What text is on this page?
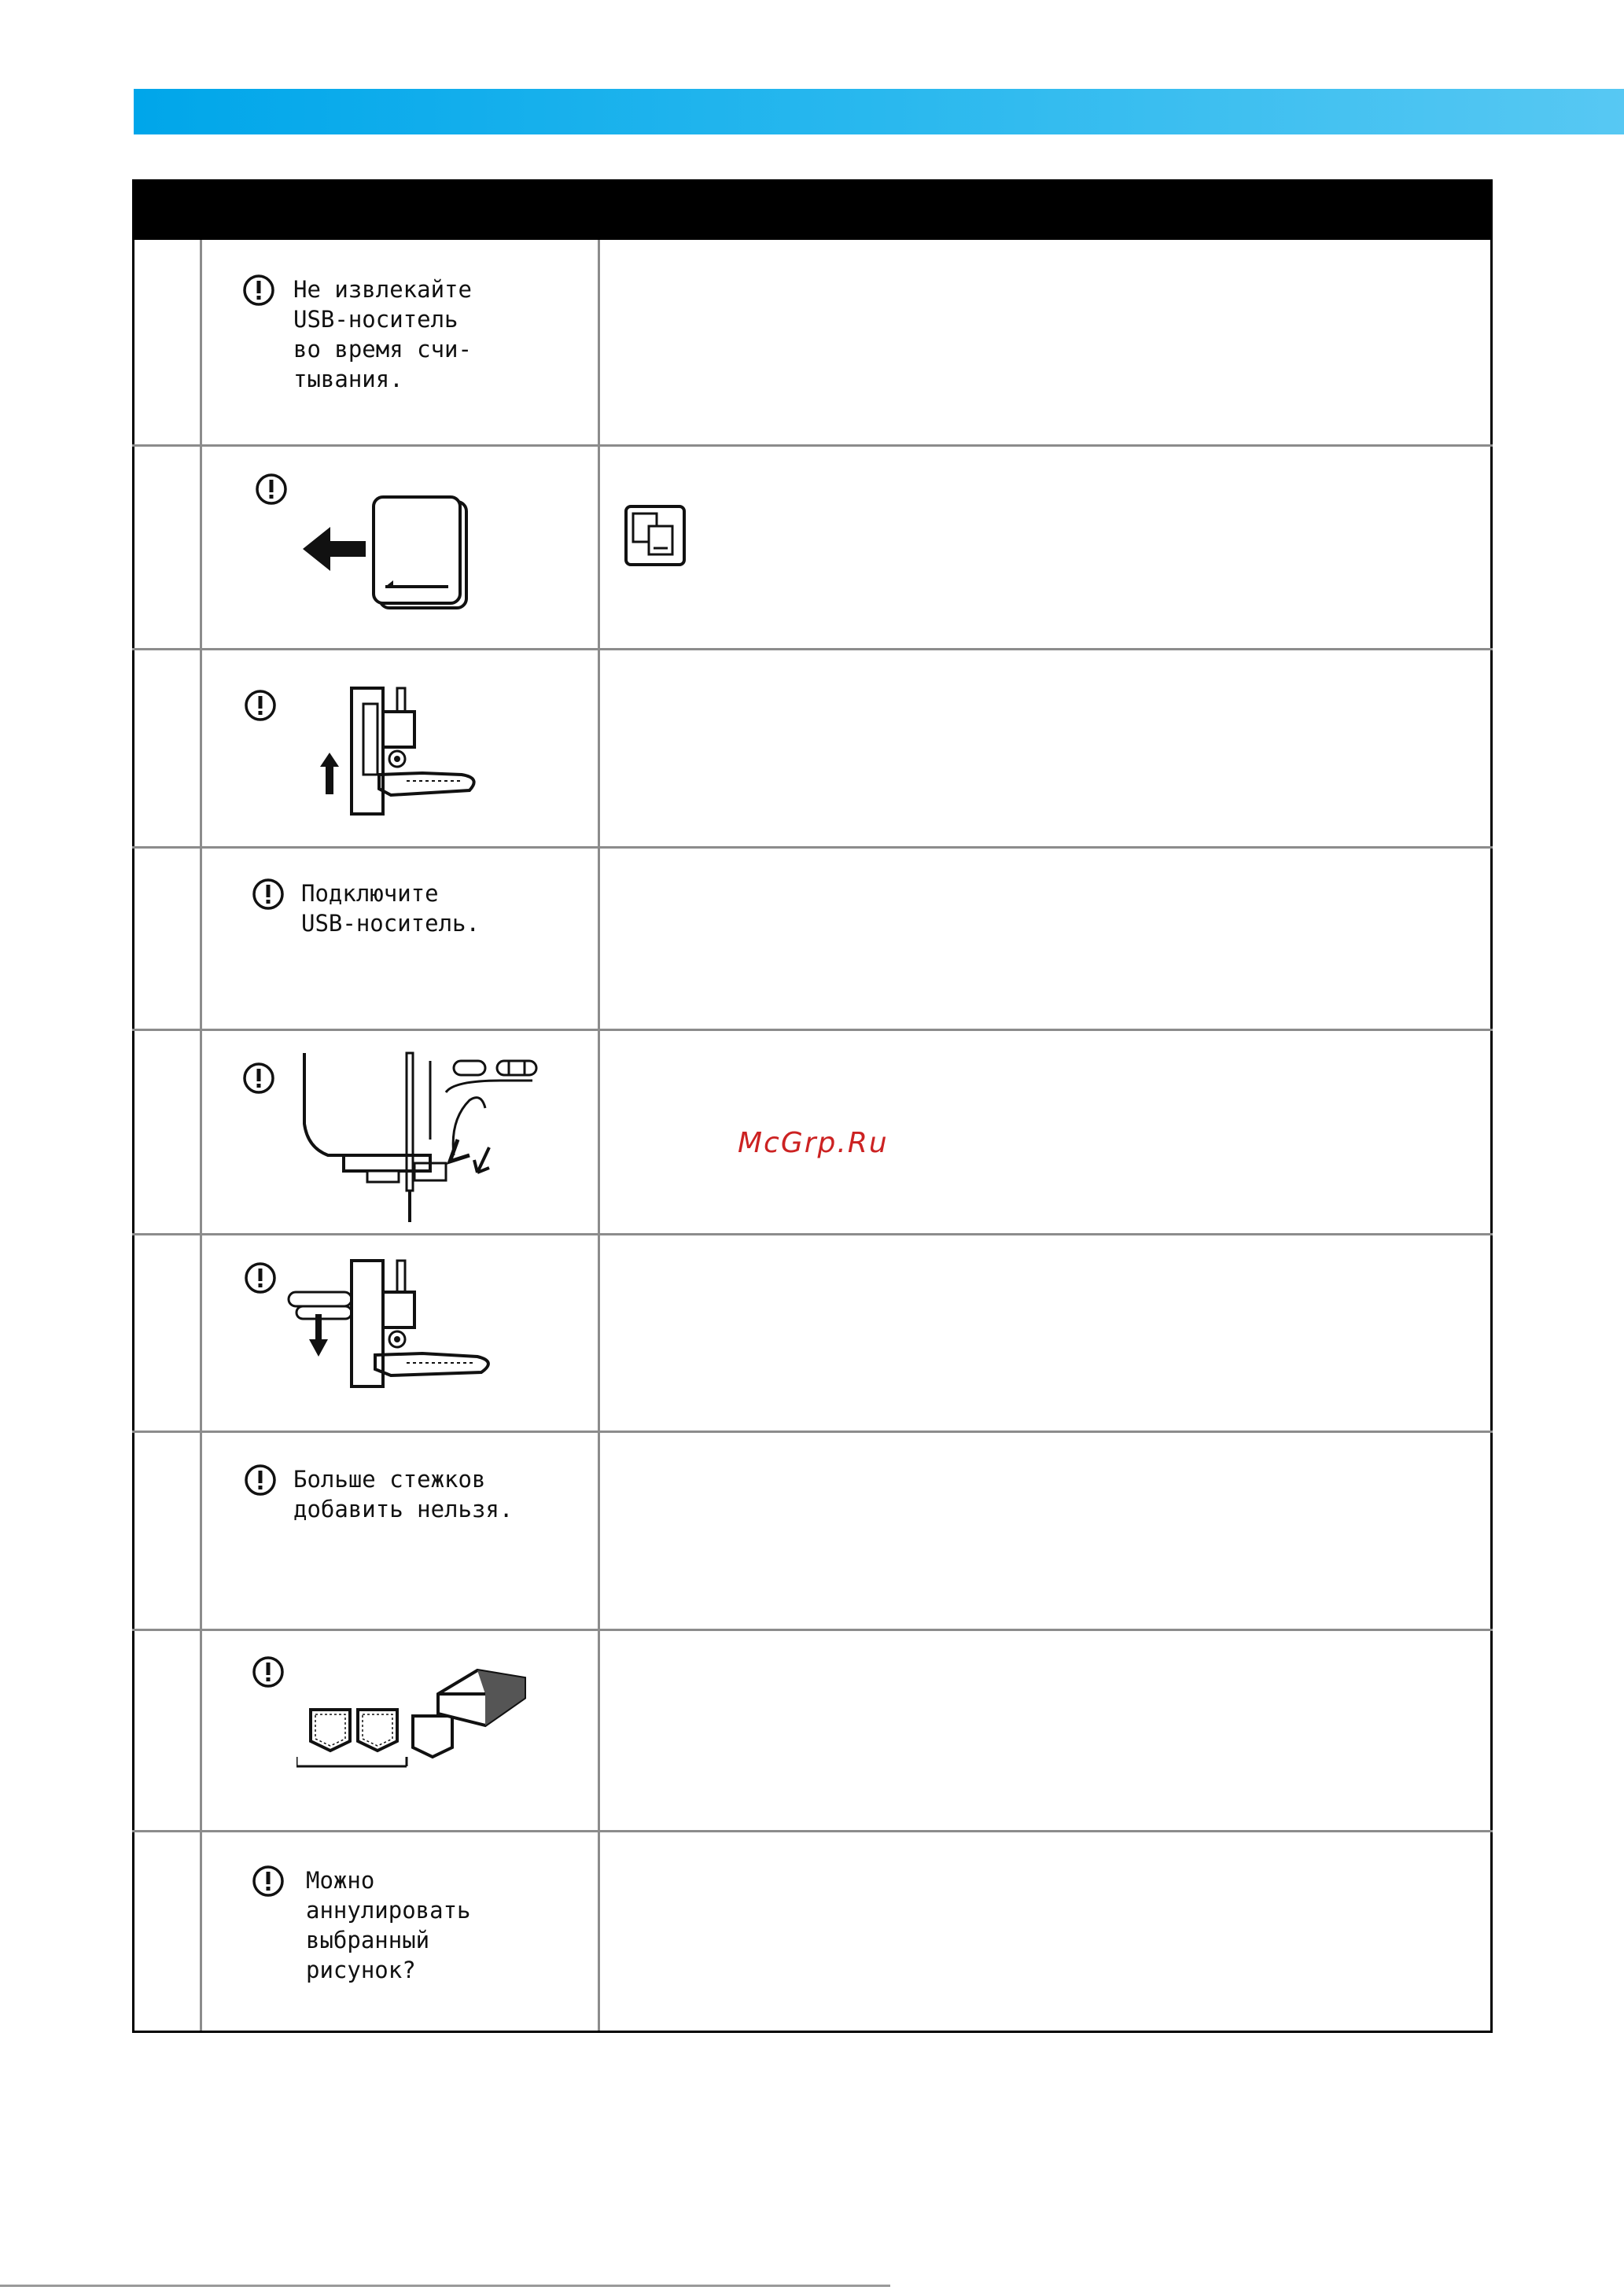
	Не извлекайте
USB-носитель
во время счи-
тывания.	

	Подключите
USB-носитель.	

	Больше стежков
добавить нельзя.	

	Можно
аннулировать
выбранный
рисунок?	

McGrp.Ru
